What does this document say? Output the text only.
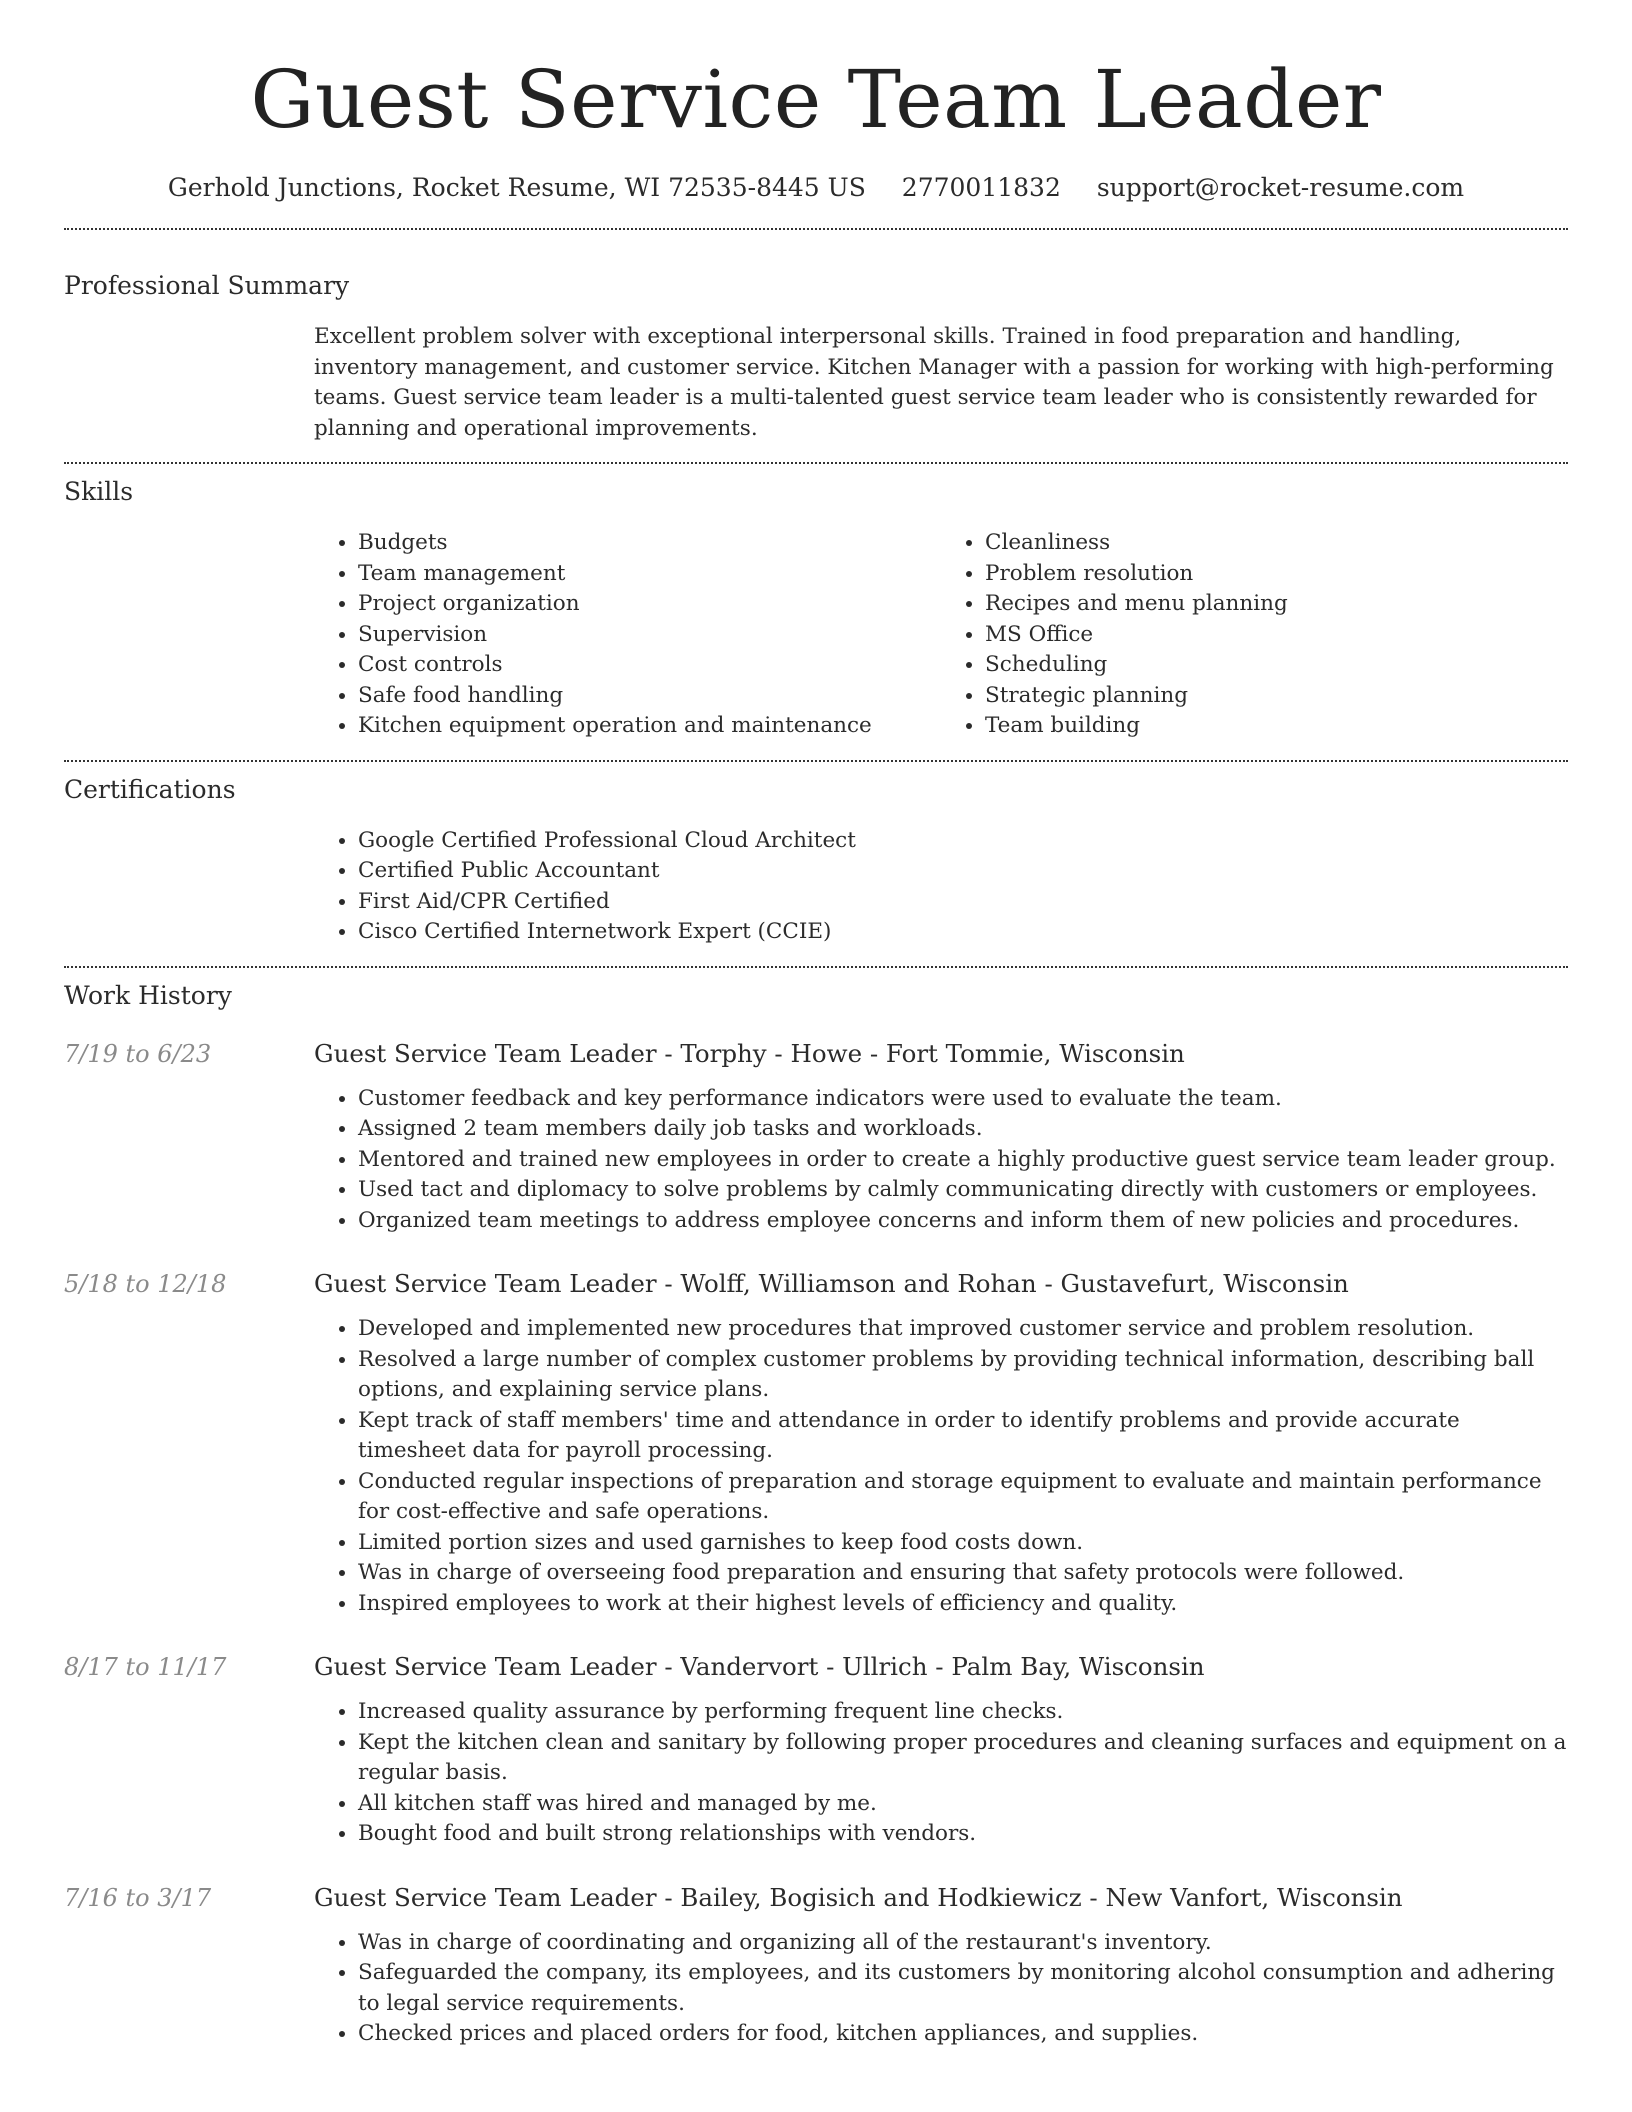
Guest Service Team Leader
Gerhold Junctions, Rocket Resume, WI 72535-8445 US 2770011832 support@rocket-resume.com
Professional Summary

Excellent problem solver with exceptional interpersonal skills. Trained in food preparation and handling, inventory management, and customer service. Kitchen Manager with a passion for working with high-performing teams. Guest service team leader is a multi-talented guest service team leader who is consistently rewarded for planning and operational improvements.

Skills
• Budgets
• Team management
• Project organization
• Supervision
• Cost controls
• Safe food handling
• Kitchen equipment operation and maintenance
• Cleanliness
• Problem resolution
• Recipes and menu planning
• MS Office
• Scheduling
• Strategic planning
• Team building
Certifications
• Google Certified Professional Cloud Architect
• Certified Public Accountant
• First Aid/CPR Certified
• Cisco Certified Internetwork Expert (CCIE)
Work History
7/19 to 6/23	Guest Service Team Leader - Torphy - Howe - Fort Tommie, Wisconsin
• Customer feedback and key performance indicators were used to evaluate the team.
• Assigned 2 team members daily job tasks and workloads.
• Mentored and trained new employees in order to create a highly productive guest service team leader group.
• Used tact and diplomacy to solve problems by calmly communicating directly with customers or employees.
• Organized team meetings to address employee concerns and inform them of new policies and procedures.
5/18 to 12/18	Guest Service Team Leader - Wolff, Williamson and Rohan - Gustavefurt, Wisconsin
• Developed and implemented new procedures that improved customer service and problem resolution.
• Resolved a large number of complex customer problems by providing technical information, describing ball options, and explaining service plans.
• Kept track of staff members' time and attendance in order to identify problems and provide accurate timesheet data for payroll processing.
• Conducted regular inspections of preparation and storage equipment to evaluate and maintain performance for cost-effective and safe operations.
• Limited portion sizes and used garnishes to keep food costs down.
• Was in charge of overseeing food preparation and ensuring that safety protocols were followed.
• Inspired employees to work at their highest levels of efficiency and quality.
8/17 to 11/17	Guest Service Team Leader - Vandervort - Ullrich - Palm Bay, Wisconsin
• Increased quality assurance by performing frequent line checks.
• Kept the kitchen clean and sanitary by following proper procedures and cleaning surfaces and equipment on a regular basis.
• All kitchen staff was hired and managed by me.
• Bought food and built strong relationships with vendors.
7/16 to 3/17	Guest Service Team Leader - Bailey, Bogisich and Hodkiewicz - New Vanfort, Wisconsin
• Was in charge of coordinating and organizing all of the restaurant's inventory.
• Safeguarded the company, its employees, and its customers by monitoring alcohol consumption and adhering to legal service requirements.
• Checked prices and placed orders for food, kitchen appliances, and supplies.
